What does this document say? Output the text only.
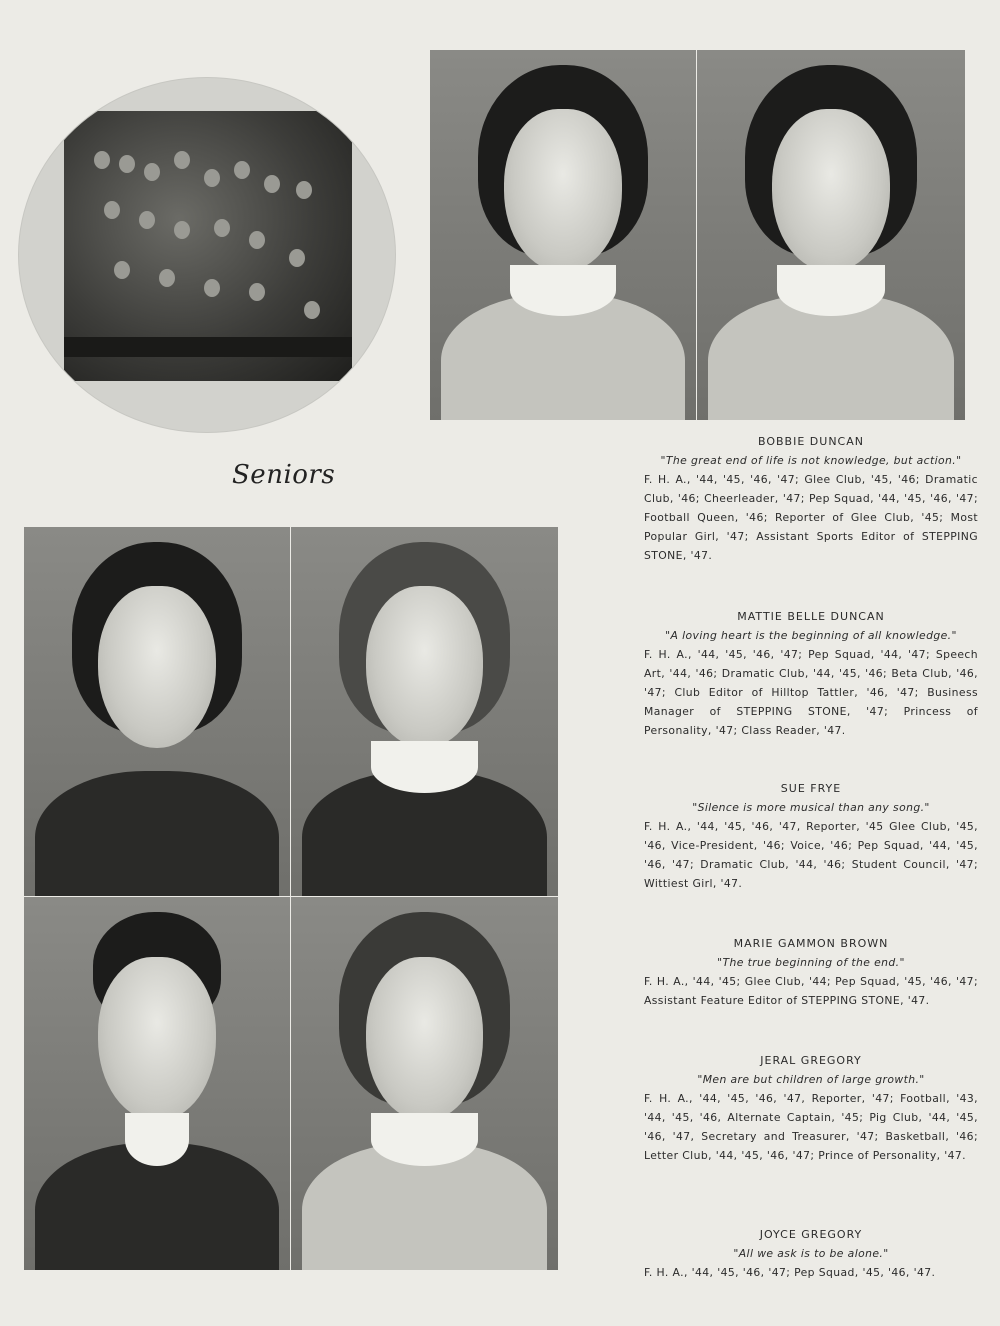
Seniors
BOBBIE DUNCAN
"The great end of life is not knowledge, but action."
F. H. A., '44, '45, '46, '47; Glee Club, '45, '46; Dramatic Club, '46; Cheerleader, '47; Pep Squad, '44, '45, '46, '47; Football Queen, '46; Reporter of Glee Club, '45; Most Popular Girl, '47; Assistant Sports Editor of STEPPING STONE, '47.
MATTIE BELLE DUNCAN
"A loving heart is the beginning of all knowledge."
F. H. A., '44, '45, '46, '47; Pep Squad, '44, '47; Speech Art, '44, '46; Dramatic Club, '44, '45, '46; Beta Club, '46, '47; Club Editor of Hilltop Tattler, '46, '47; Business Manager of STEPPING STONE, '47; Princess of Personality, '47; Class Reader, '47.
SUE FRYE
"Silence is more musical than any song."
F. H. A., '44, '45, '46, '47, Reporter, '45 Glee Club, '45, '46, Vice-President, '46; Voice, '46; Pep Squad, '44, '45, '46, '47; Dramatic Club, '44, '46; Student Council, '47; Wittiest Girl, '47.
MARIE GAMMON BROWN
"The true beginning of the end."
F. H. A., '44, '45; Glee Club, '44; Pep Squad, '45, '46, '47; Assistant Feature Editor of STEPPING STONE, '47.
JERAL GREGORY
"Men are but children of large growth."
F. H. A., '44, '45, '46, '47, Reporter, '47; Football, '43, '44, '45, '46, Alternate Captain, '45; Pig Club, '44, '45, '46, '47, Secretary and Treasurer, '47; Basketball, '46; Letter Club, '44, '45, '46, '47; Prince of Personality, '47.
JOYCE GREGORY
"All we ask is to be alone."
F. H. A., '44, '45, '46, '47; Pep Squad, '45, '46, '47.
